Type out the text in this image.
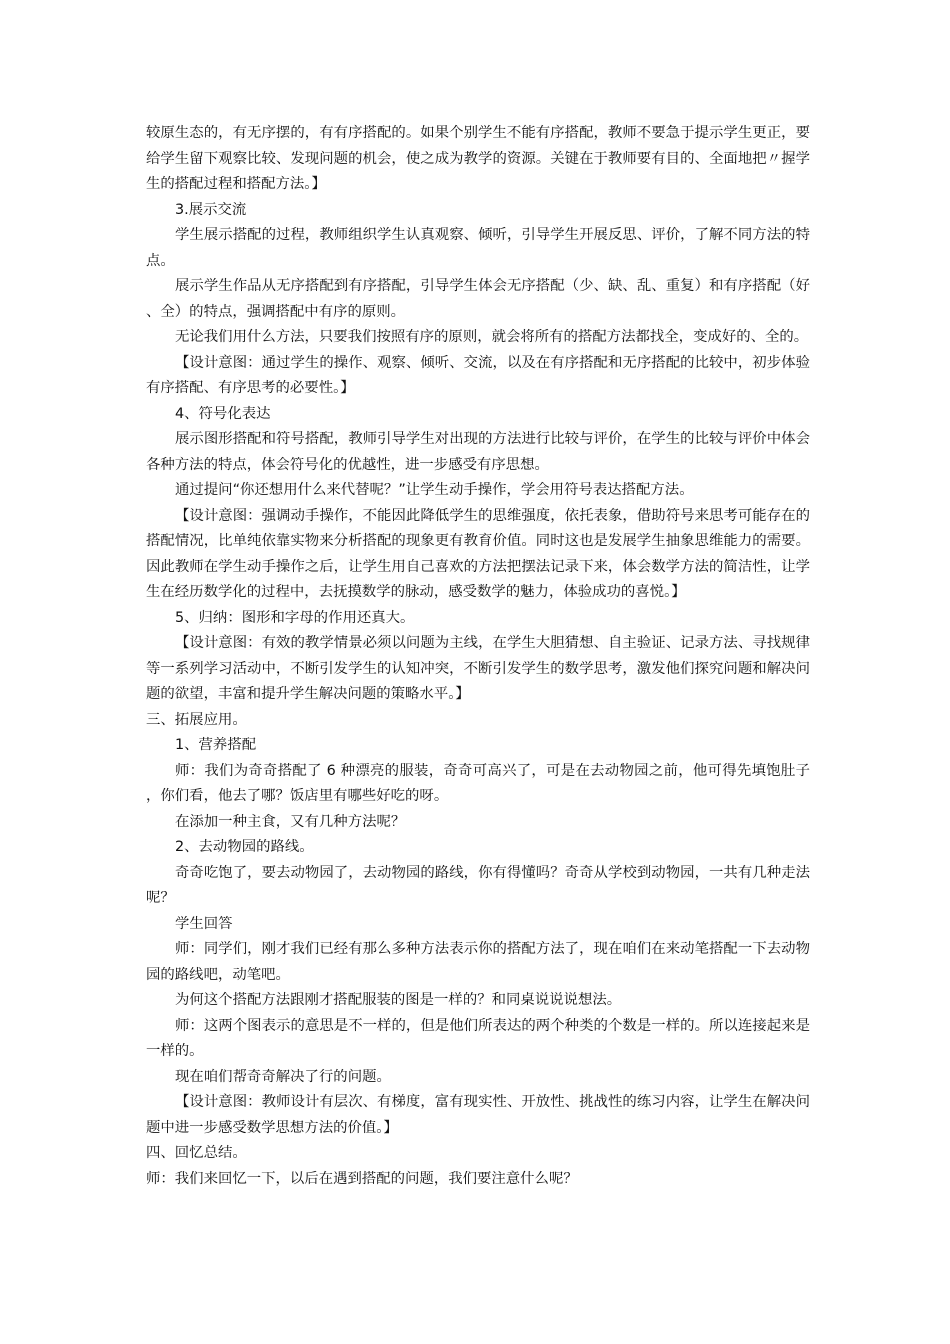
较原生态的，有无序摆的，有有序搭配的。如果个别学生不能有序搭配，教师不要急于提示学生更正，要给学生留下观察比较、发现问题的机会，使之成为教学的资源。关键在于教师要有目的、全面地把〃握学生的搭配过程和搭配方法。】

3.展示交流

学生展示搭配的过程，教师组织学生认真观察、倾听，引导学生开展反思、评价，了解不同方法的特点。

展示学生作品从无序搭配到有序搭配，引导学生体会无序搭配（少、缺、乱、重复）和有序搭配（好、全）的特点，强调搭配中有序的原则。

无论我们用什么方法，只要我们按照有序的原则，就会将所有的搭配方法都找全，变成好的、全的。

【设计意图：通过学生的操作、观察、倾听、交流，以及在有序搭配和无序搭配的比较中，初步体验有序搭配、有序思考的必要性。】

4、符号化表达

展示图形搭配和符号搭配，教师引导学生对出现的方法进行比较与评价，在学生的比较与评价中体会各种方法的特点，体会符号化的优越性，进一步感受有序思想。

通过提问“你还想用什么来代替呢？”让学生动手操作，学会用符号表达搭配方法。

【设计意图：强调动手操作，不能因此降低学生的思维强度，依托表象，借助符号来思考可能存在的搭配情况，比单纯依靠实物来分析搭配的现象更有教育价值。同时这也是发展学生抽象思维能力的需要。因此教师在学生动手操作之后，让学生用自己喜欢的方法把摆法记录下来，体会数学方法的简洁性，让学生在经历数学化的过程中，去抚摸数学的脉动，感受数学的魅力，体验成功的喜悦。】

5、归纳：图形和字母的作用还真大。

【设计意图：有效的教学情景必须以问题为主线，在学生大胆猜想、自主验证、记录方法、寻找规律等一系列学习活动中，不断引发学生的认知冲突，不断引发学生的数学思考，激发他们探究问题和解决问题的欲望，丰富和提升学生解决问题的策略水平。】

三、拓展应用。

1、营养搭配

师：我们为奇奇搭配了 6 种漂亮的服装，奇奇可高兴了，可是在去动物园之前，他可得先填饱肚子，你们看，他去了哪？饭店里有哪些好吃的呀。

在添加一种主食，又有几种方法呢？

2、去动物园的路线。

奇奇吃饱了，要去动物园了，去动物园的路线，你有得懂吗？奇奇从学校到动物园，一共有几种走法呢？

学生回答

师：同学们，刚才我们已经有那么多种方法表示你的搭配方法了，现在咱们在来动笔搭配一下去动物园的路线吧，动笔吧。

为何这个搭配方法跟刚才搭配服装的图是一样的？和同桌说说说想法。

师：这两个图表示的意思是不一样的，但是他们所表达的两个种类的个数是一样的。所以连接起来是一样的。

现在咱们帮奇奇解决了行的问题。

【设计意图：教师设计有层次、有梯度，富有现实性、开放性、挑战性的练习内容，让学生在解决问题中进一步感受数学思想方法的价值。】

四、回忆总结。

师：我们来回忆一下，以后在遇到搭配的问题，我们要注意什么呢？
